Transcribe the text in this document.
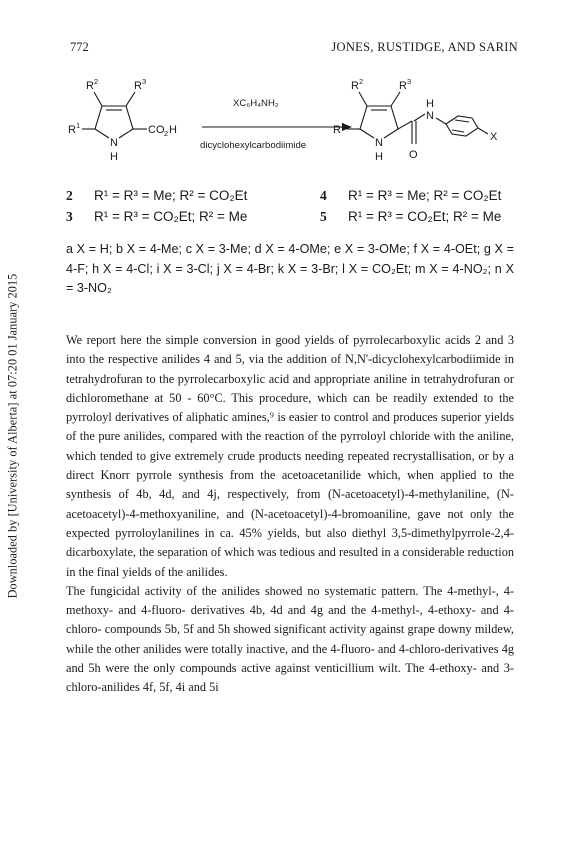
Downloaded by [University of Alberta] at 07:20 01 January 2015
772	JONES, RUSTIDGE, AND SARIN
R 2	R 3
R 1
N
H
CO 2 H
XC₆H₄NH₂
dicyclohexylcarbodiimide
R 2	R 3
R 1
N
H
H
N
O
X
2 R¹ = R³ = Me; R² = CO₂Et
3 R¹ = R³ = CO₂Et; R² = Me
4 R¹ = R³ = Me; R² = CO₂Et
5 R¹ = R³ = CO₂Et; R² = Me
a X = H; b X = 4-Me; c X = 3-Me; d X = 4-OMe; e X = 3-OMe; f X = 4-OEt; g X = 4-F; h X = 4-Cl; i X = 3-Cl; j X = 4-Br; k X = 3-Br; l X = CO₂Et; m X = 4-NO₂; n X = 3-NO₂

We report here the simple conversion in good yields of pyrrolecarboxylic acids 2 and 3 into the respective anilides 4 and 5, via the addition of N,N'-dicyclohexylcarbodiimide in tetrahydrofuran to the pyrrolecarboxylic acid and appropriate aniline in tetrahydrofuran or dichloromethane at 50 - 60°C. This procedure, which can be readily extended to the pyrroloyl derivatives of aliphatic amines,⁹ is easier to control and produces superior yields of the pure anilides, compared with the reaction of the pyrroloyl chloride with the aniline, which tended to give extremely crude products needing repeated recrystallisation, or by a direct Knorr pyrrole synthesis from the acetoacetanilide which, when applied to the synthesis of 4b, 4d, and 4j, respectively, from (N-acetoacetyl)-4-methylaniline, (N-acetoacetyl)-4-methoxyaniline, and (N-acetoacetyl)-4-bromoaniline, gave not only the expected pyrroloylanilines in ca. 45% yields, but also diethyl 3,5-dimethylpyrrole-2,4-dicarboxylate, the separation of which was tedious and resulted in a considerable reduction in the final yields of the anilides.

The fungicidal activity of the anilides showed no systematic pattern. The 4-methyl-, 4-methoxy- and 4-fluoro- derivatives 4b, 4d and 4g and the 4-methyl-, 4-ethoxy- and 4-chloro- compounds 5b, 5f and 5h showed significant activity against grape downy mildew, while the other anilides were totally inactive, and the 4-fluoro- and 4-chloro-derivatives 4g and 5h were the only compounds active against venticillium wilt. The 4-ethoxy- and 3-chloro-anilides 4f, 5f, 4i and 5i
